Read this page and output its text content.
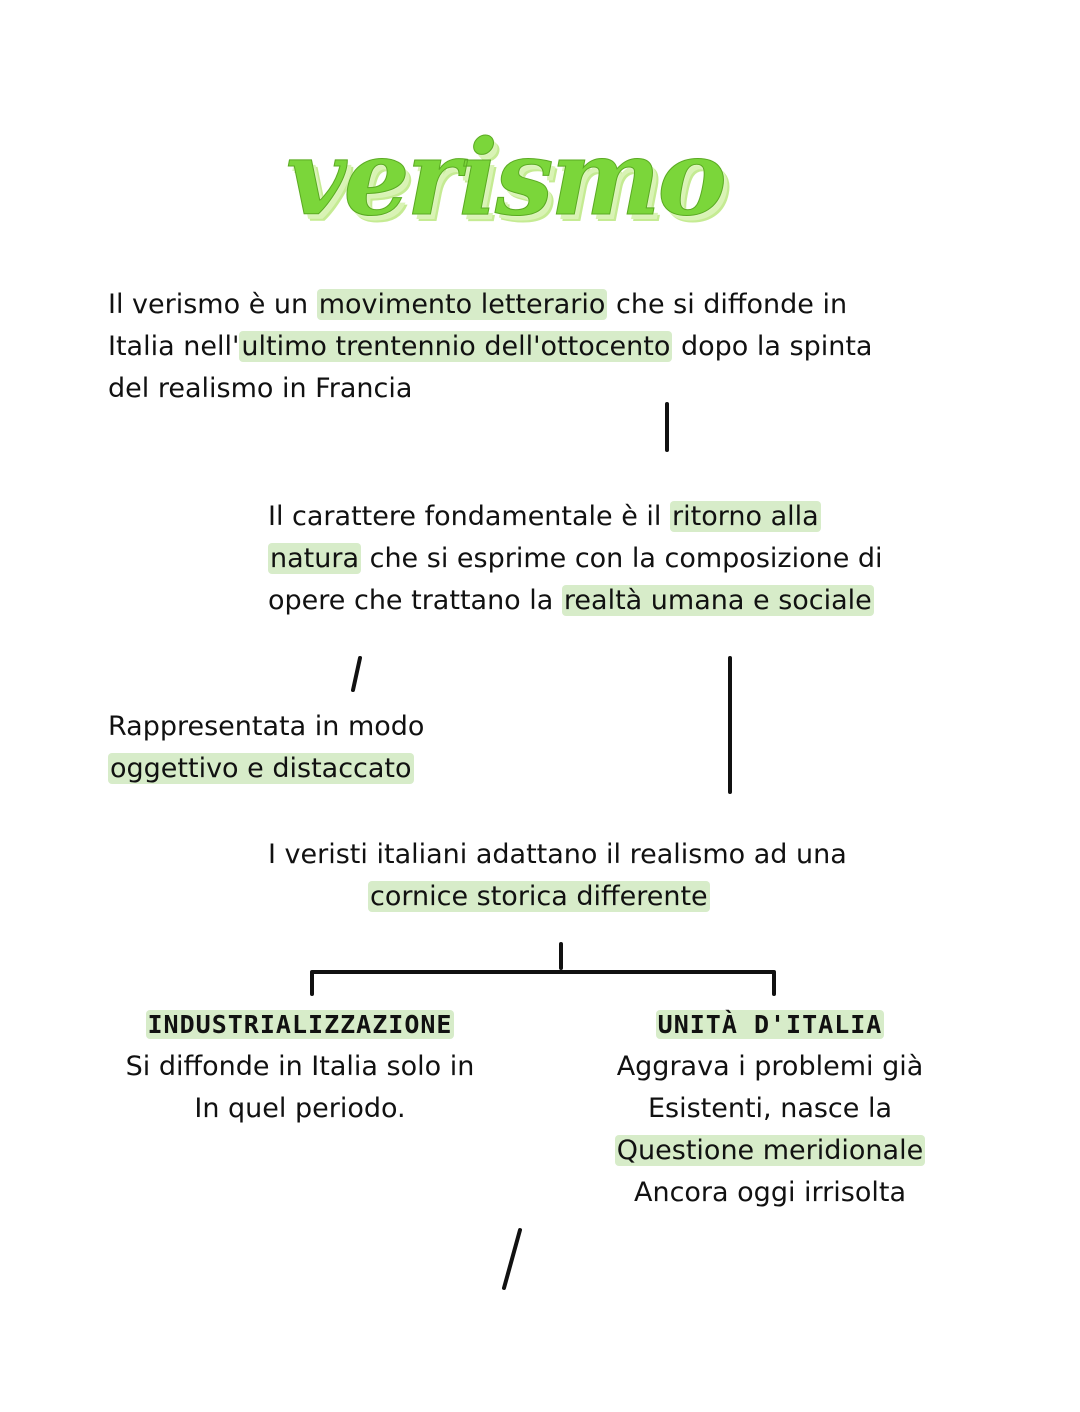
verismo
Il verismo è un movimento letterario che si diffonde in
Italia nell'ultimo trentennio dell'ottocento dopo la spinta
del realismo in Francia
Il carattere fondamentale è il ritorno alla
natura che si esprime con la composizione di
opere che trattano la realtà umana e sociale
Rappresentata in modo
oggettivo e distaccato
I veristi italiani adattano il realismo ad una
cornice storica differente
INDUSTRIALIZZAZIONE
Si diffonde in Italia solo in
In quel periodo.
UNITÀ D'ITALIA
Aggrava i problemi già
Esistenti, nasce la
Questione meridionale
Ancora oggi irrisolta
